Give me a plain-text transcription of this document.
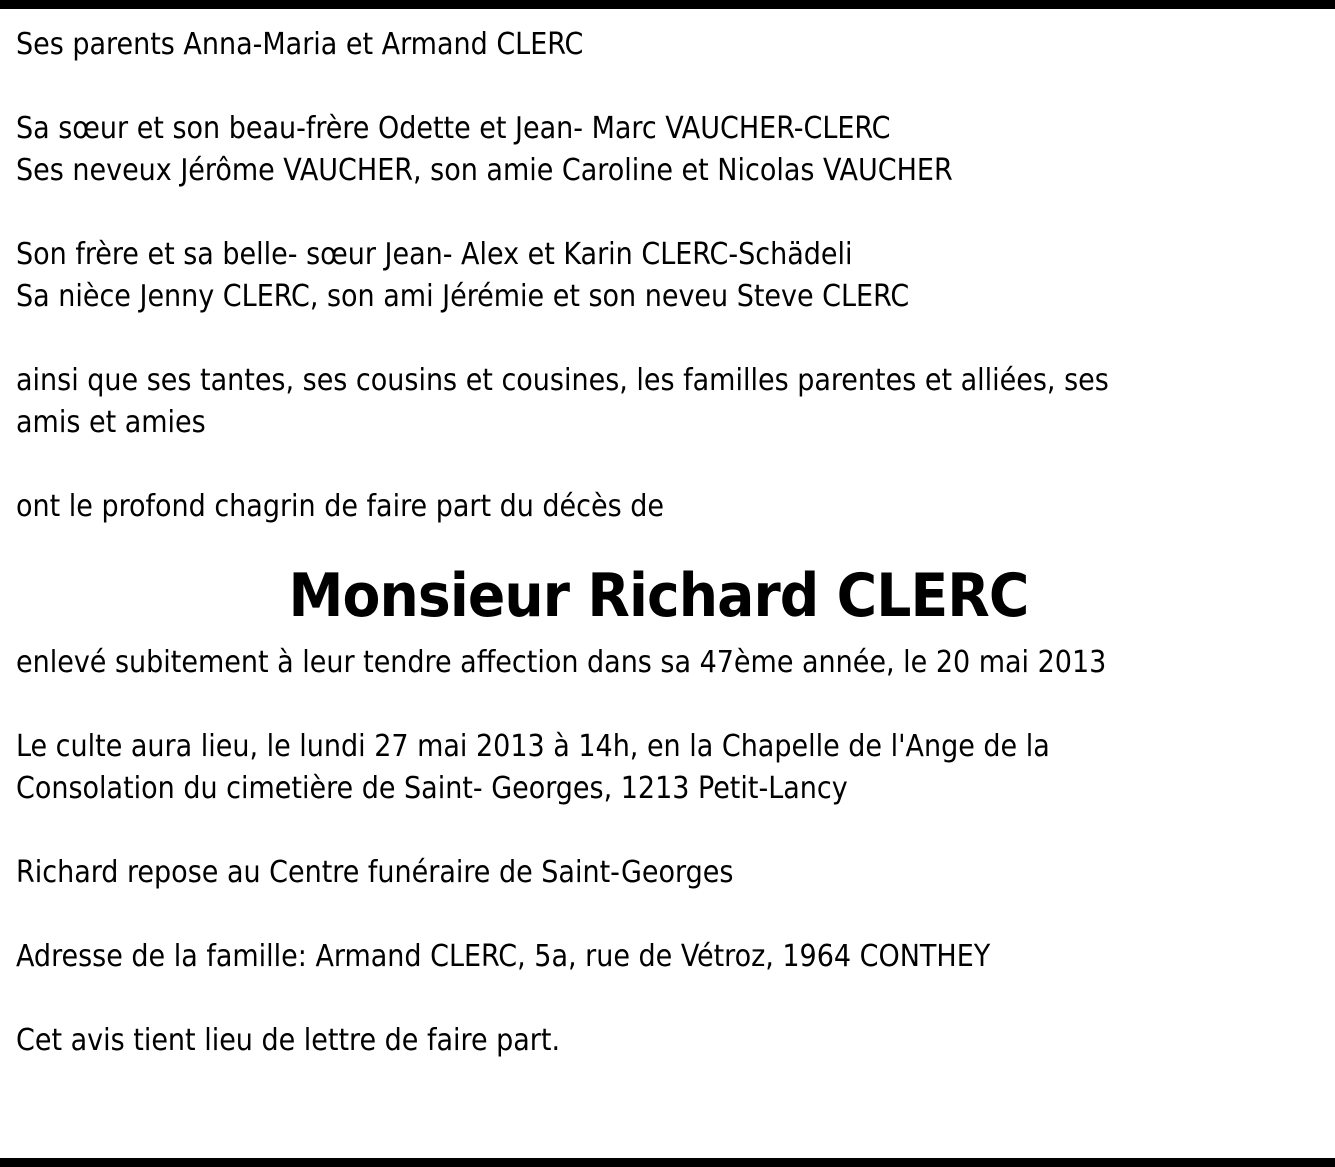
Ses parents Anna-Maria et Armand CLERC
Sa sœur et son beau-frère Odette et Jean- Marc VAUCHER-CLERC
Ses neveux Jérôme VAUCHER, son amie Caroline et Nicolas VAUCHER
Son frère et sa belle- sœur Jean- Alex et Karin CLERC-Schädeli
Sa nièce Jenny CLERC, son ami Jérémie et son neveu Steve CLERC
ainsi que ses tantes, ses cousins et cousines, les familles parentes et alliées, ses
amis et amies
ont le profond chagrin de faire part du décès de
Monsieur Richard CLERC
enlevé subitement à leur tendre affection dans sa 47ème année, le 20 mai 2013
Le culte aura lieu, le lundi 27 mai 2013 à 14h, en la Chapelle de l'Ange de la
Consolation du cimetière de Saint- Georges, 1213 Petit-Lancy
Richard repose au Centre funéraire de Saint-Georges
Adresse de la famille: Armand CLERC, 5a, rue de Vétroz, 1964 CONTHEY
Cet avis tient lieu de lettre de faire part.
